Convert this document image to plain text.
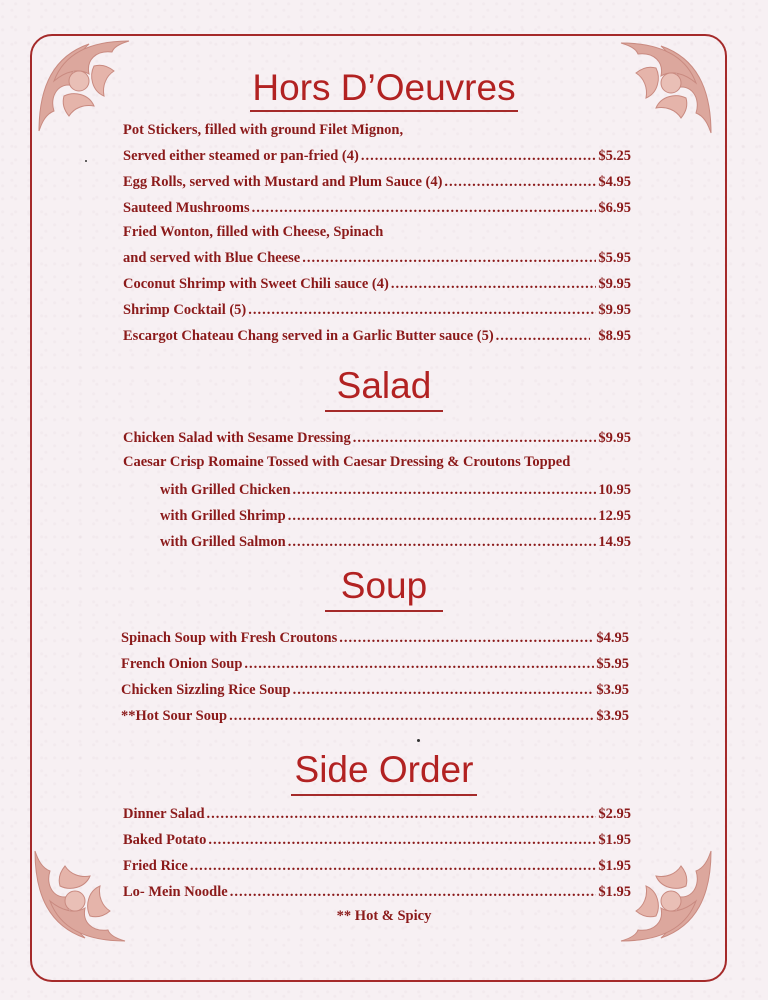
Hors D’Oeuvres
Pot Stickers, filled with ground Filet Mignon,
Served either steamed or pan-fried (4) .....	$5.25
Egg Rolls, served with Mustard and Plum Sauce (4) .....	$4.95
Sauteed Mushrooms .....	$6.95
Fried Wonton, filled with Cheese, Spinach
and served with Blue Cheese .....	$5.95
Coconut Shrimp with Sweet Chili sauce (4) .....	$9.95
Shrimp Cocktail (5) .....	$9.95
Escargot Chateau Chang served in a Garlic Butter sauce (5) .....	$8.95
Salad
Chicken Salad with Sesame Dressing .....	$9.95
Caesar Crisp Romaine Tossed with Caesar Dressing & Croutons Topped
with Grilled Chicken .....	10.95
with Grilled Shrimp .....	12.95
with Grilled Salmon .....	14.95
Soup
Spinach Soup with Fresh Croutons .....	$4.95
French Onion Soup .....	$5.95
Chicken Sizzling Rice Soup .....	$3.95
**Hot Sour Soup .....	$3.95
Side Order
Dinner Salad .....	$2.95
Baked Potato .....	$1.95
Fried Rice .....	$1.95
Lo- Mein Noodle .....	$1.95
** Hot & Spicy
